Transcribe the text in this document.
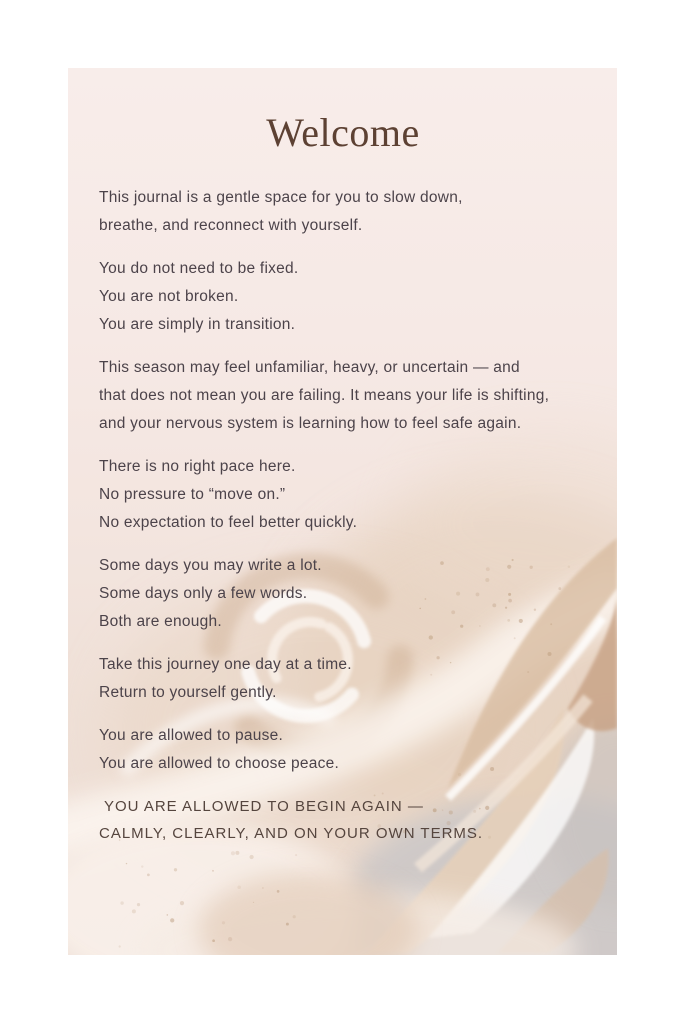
Welcome
This journal is a gentle space for you to slow down,
breathe, and reconnect with yourself.
You do not need to be fixed.
You are not broken.
You are simply in transition.
This season may feel unfamiliar, heavy, or uncertain — and
that does not mean you are failing. It means your life is shifting,
and your nervous system is learning how to feel safe again.
There is no right pace here.
No pressure to “move on.”
No expectation to feel better quickly.
Some days you may write a lot.
Some days only a few words.
Both are enough.
Take this journey one day at a time.
Return to yourself gently.
You are allowed to pause.
You are allowed to choose peace.
YOU ARE ALLOWED TO BEGIN AGAIN —
CALMLY, CLEARLY, AND ON YOUR OWN TERMS.
